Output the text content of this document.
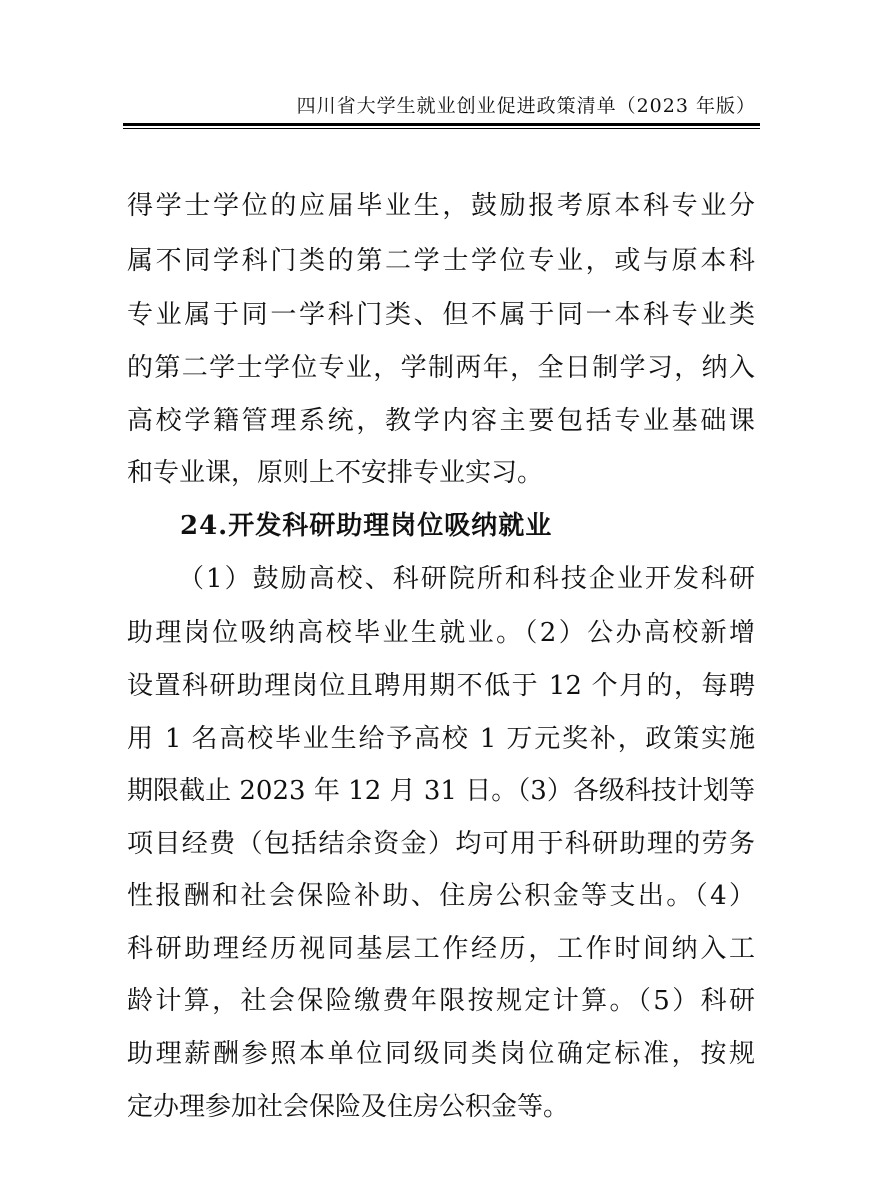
四川省大学生就业创业促进政策清单（2023 年版）
得学士学位的应届毕业生，鼓励报考原本科专业分
属不同学科门类的第二学士学位专业，或与原本科
专业属于同一学科门类、但不属于同一本科专业类
的第二学士学位专业，学制两年，全日制学习，纳入
高校学籍管理系统，教学内容主要包括专业基础课
和专业课，原则上不安排专业实习。
24.开发科研助理岗位吸纳就业
（1）鼓励高校、科研院所和科技企业开发科研
助理岗位吸纳高校毕业生就业。（2）公办高校新增
设置科研助理岗位且聘用期不低于 12 个月的，每聘
用 1 名高校毕业生给予高校 1 万元奖补，政策实施
期限截止 2023 年 12 月 31 日。（3）各级科技计划等
项目经费（包括结余资金）均可用于科研助理的劳务
性报酬和社会保险补助、住房公积金等支出。（4）
科研助理经历视同基层工作经历，工作时间纳入工
龄计算，社会保险缴费年限按规定计算。（5）科研
助理薪酬参照本单位同级同类岗位确定标准，按规
定办理参加社会保险及住房公积金等。
